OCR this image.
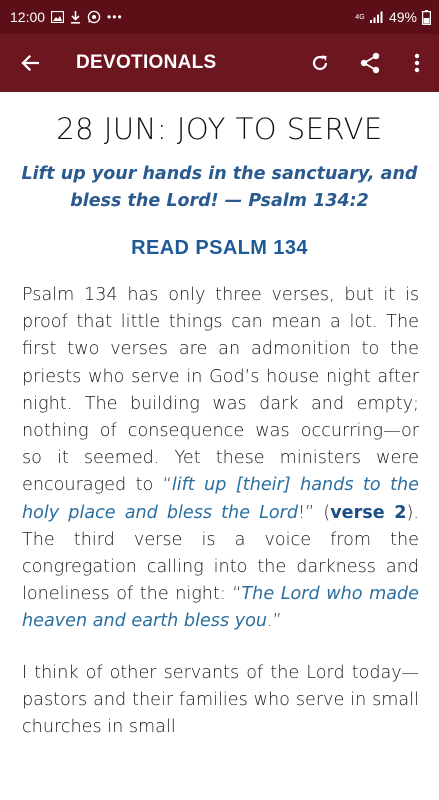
12:00	•••	4G 49%
DEVOTIONALS
28 JUN: JOY TO SERVE

Lift up your hands in the sanctuary, and bless the Lord! — Psalm 134:2

READ PSALM 134

Psalm 134 has only three verses, but it is proof that little things can mean a lot. The first two verses are an admonition to the priests who serve in God’s house night after night. The building was dark and empty; nothing of consequence was occurring—or so it seemed. Yet these ministers were encouraged to “lift up [their] hands to the holy place and bless the Lord!” (verse 2). The third verse is a voice from the congregation calling into the darkness and loneliness of the night: “The Lord who made heaven and earth bless you.”

I think of other servants of the Lord today—pastors and their families who serve in small churches in small
